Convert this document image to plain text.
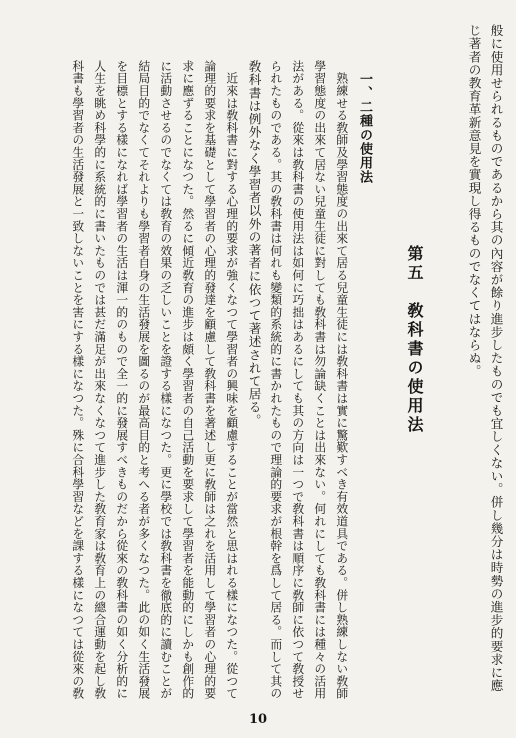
般に使用せられるものであるから其の內容が餘り進步したものでも宜しくない。併し幾分は時勢の進步的要求に應
じ著者の教育革新意見を實現し得るものでなくてはならぬ。
第五　敎科書の使用法
一、二種の使用法
　熟練せる敎師及學習態度の出來て居る兒童生徒には敎科書は實に驚歎すべき有效道具である。併し熟練しない敎師
學習態度の出來て居ない兒童生徒に對しても敎科書は勿論缺くことは出來ない。何れにしても敎科書には種々の活用
法がある。從來は敎科書の使用法は如何に巧拙はあるにしても其の方向は一つで敎科書は順序に敎師に依つて敎授せ
られたものである。其の敎科書は何れも變類的系統的に書かれたもので理論的要求が根幹を爲して居る。而して其の
敎科書は例外なく學習者以外の著者に依つて著述されて居る。
　近來は敎科書に對する心理的要求が強くなつて學習者の興味を顧慮することが當然と思はれる樣になつた。從つて
論理的要求を基礎として學習者の心理的發達を顧慮して敎科書を著述し更に敎師は之れを活用して學習者の心理的要
求に應ずることになつた。然るに傾近敎育の進步は頗く學習者の自己活動を要求して學習者を能動的にしかも創作的
に活動させるのでなくては敎育の效果の乏しいことを證する樣になつた。更に學校では敎科書を徹底的に讀むことが
結局目的でなくてそれよりも學習者自身の生活發展を圖るのが最高目的と考へる者が多くなつた。此の如く生活發展
を目標とする樣になれば學習者の生活は渾一的のもので全一的に發展すべきものだから從來の敎科書の如く分析的に
人生を眺め科學的に系統的に書いたものでは甚だ滿足が出來なくなつて進步した敎育家は敎育上の總合運動を起し敎
科書も學習者の生活發展と一致しないことを害にする樣になつた。殊に合科學習などを課する樣になつては從來の敎
10
